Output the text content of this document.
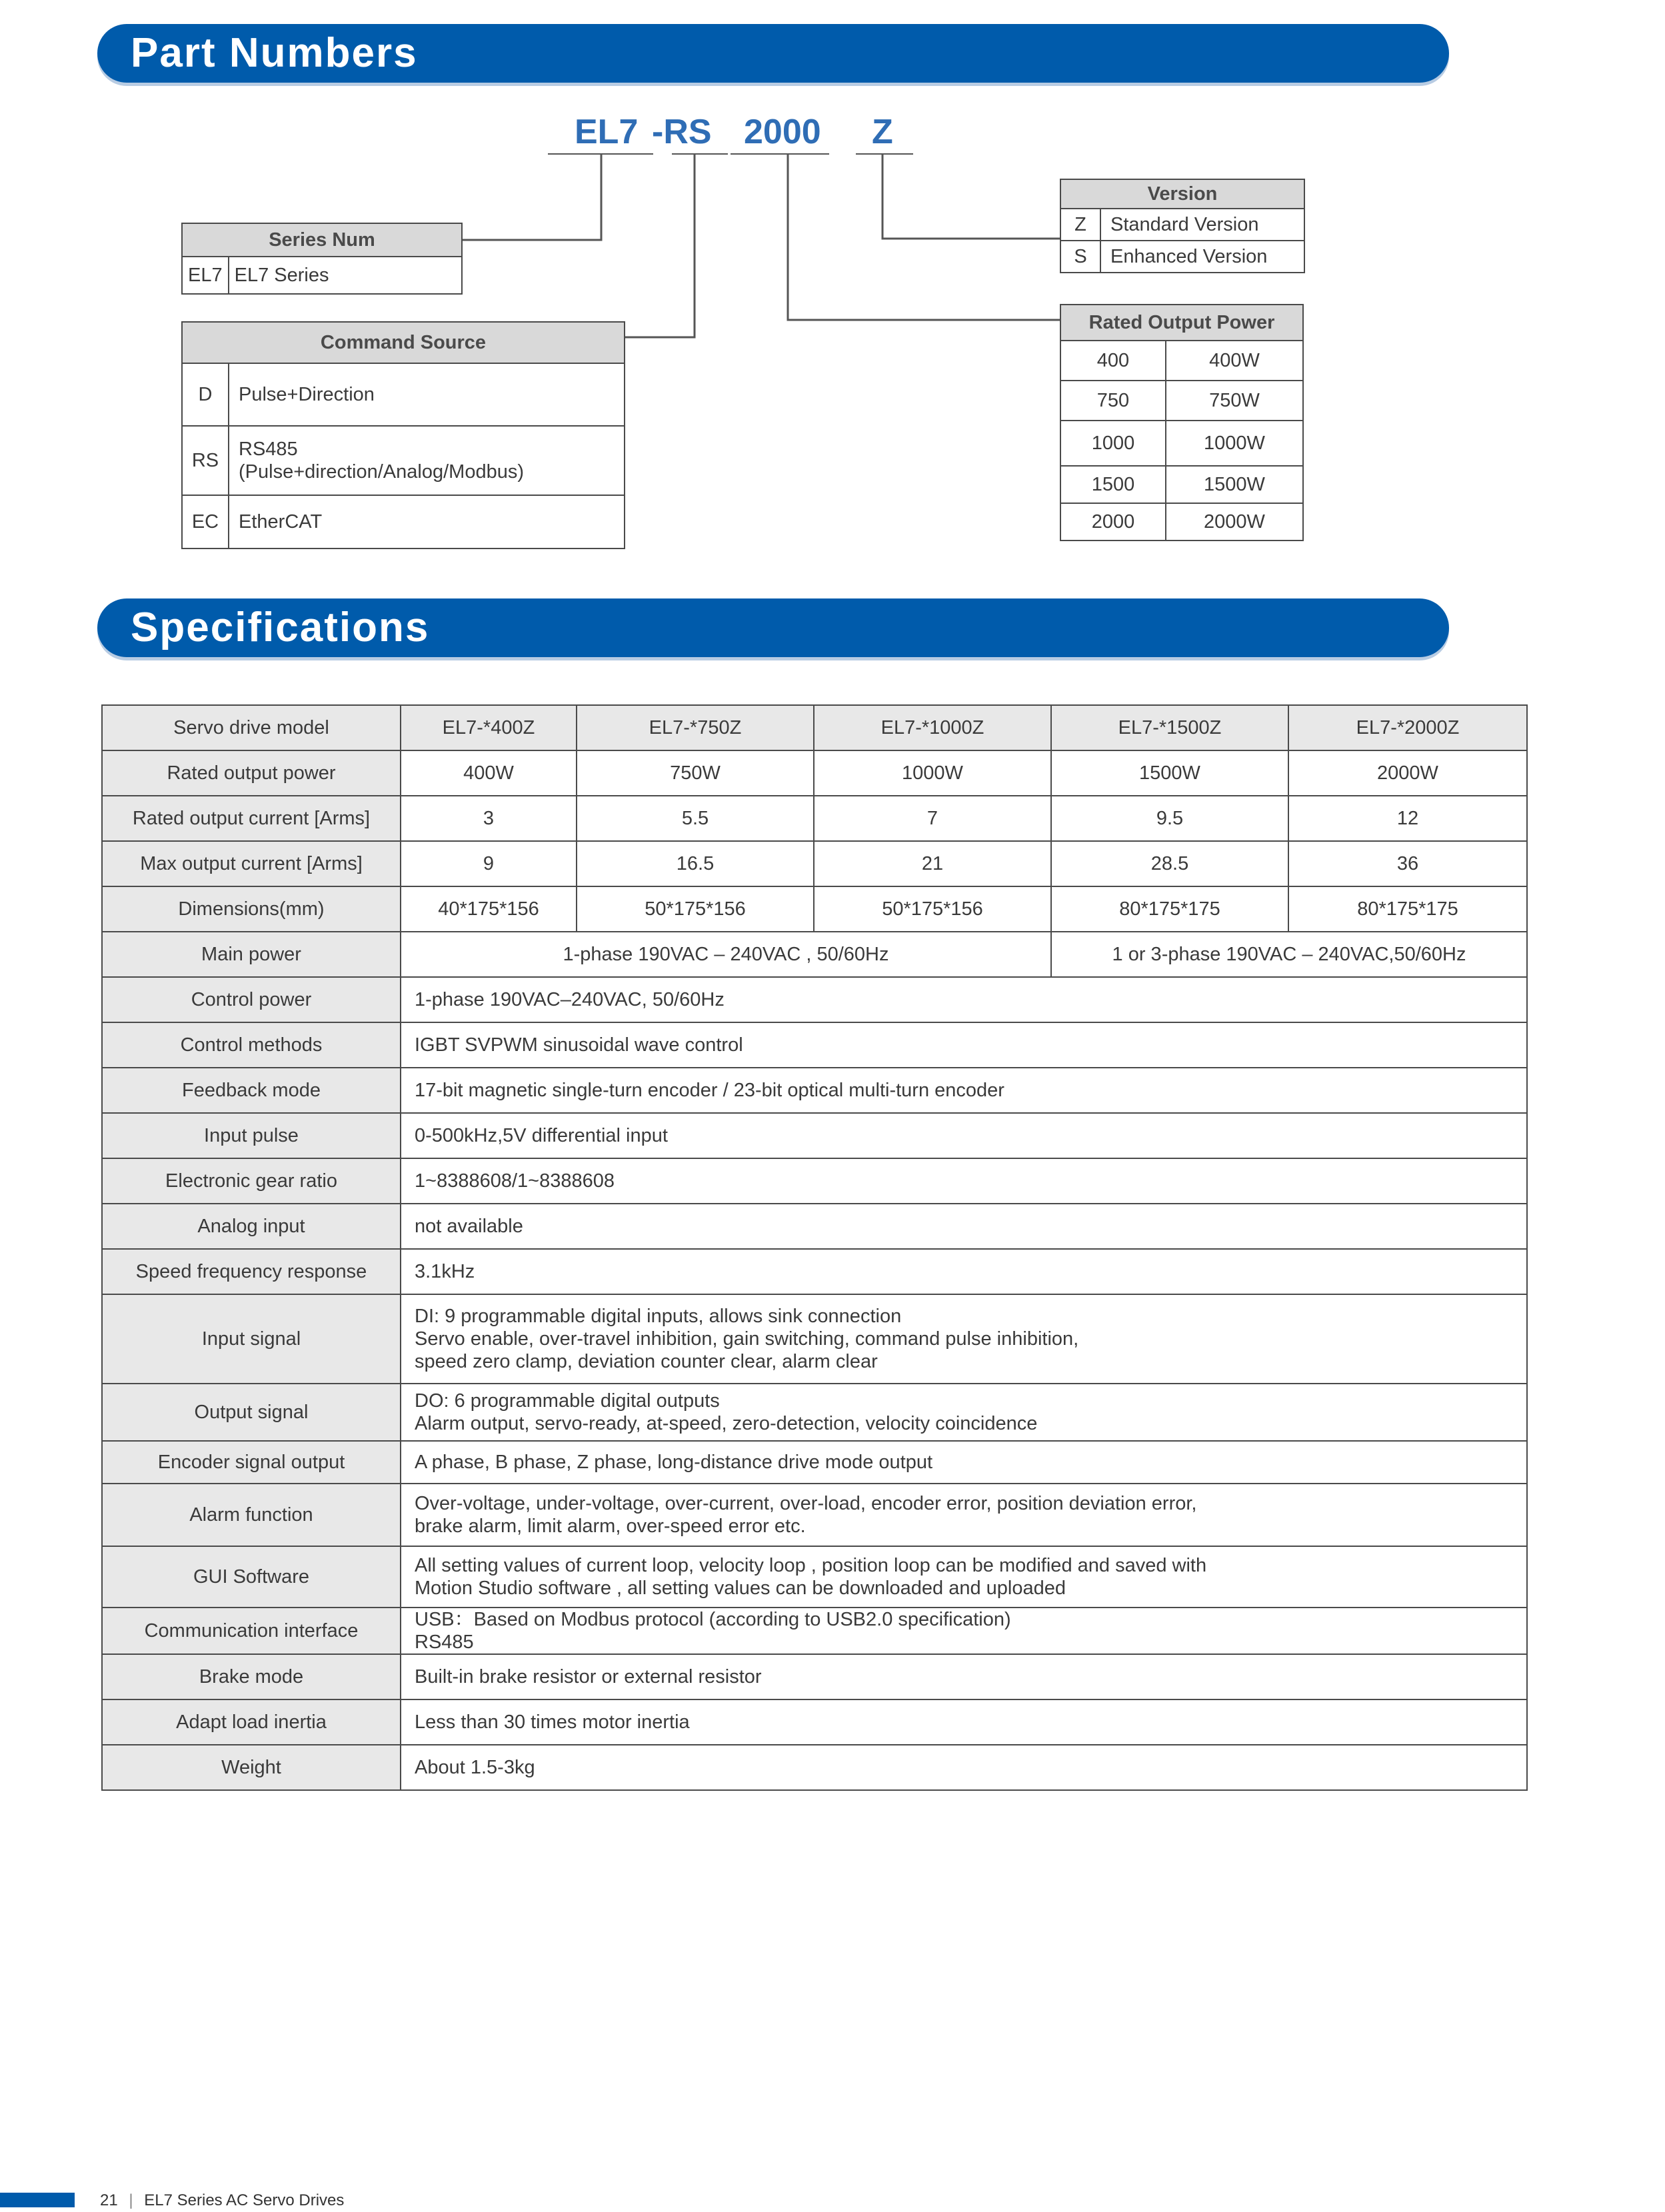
Part Numbers
EL7 -RS 2000 Z
Series Num
EL7	EL7 Series
Command Source	
D	Pulse+Direction
RS	RS485
(Pulse+direction/Analog/Modbus)
EC	EtherCAT
Version	
Z	Standard Version
S	Enhanced Version
Rated Output Power	
400	400W
750	750W
1000	1000W
1500	1500W
2000	2000W
Specifications
Servo drive model	EL7-*400Z	EL7-*750Z	EL7-*1000Z	EL7-*1500Z	EL7-*2000Z
Rated output power	400W	750W	1000W	1500W	2000W
Rated output current [Arms]	3	5.5	7	9.5	12
Max output current [Arms]	9	16.5	21	28.5	36
Dimensions(mm)	40*175*156	50*175*156	50*175*156	80*175*175	80*175*175
Main power	1-phase 190VAC – 240VAC , 50/60Hz			1 or 3-phase 190VAC – 240VAC,50/60Hz	
Control power	1-phase 190VAC–240VAC, 50/60Hz				
Control methods	IGBT SVPWM sinusoidal wave control				
Feedback mode	17-bit magnetic single-turn encoder / 23-bit optical multi-turn encoder				
Input pulse	0-500kHz,5V differential input				
Electronic gear ratio	1~8388608/1~8388608				
Analog input	not available				
Speed frequency response	3.1kHz				
Input signal	DI: 9 programmable digital inputs, allows sink connection
Servo enable, over-travel inhibition, gain switching, command pulse inhibition,
speed zero clamp, deviation counter clear, alarm clear				
Output signal	DO: 6 programmable digital outputs
Alarm output, servo-ready, at-speed, zero-detection, velocity coincidence				
Encoder signal output	A phase, B phase, Z phase, long-distance drive mode output				
Alarm function	Over-voltage, under-voltage, over-current, over-load, encoder error, position deviation error,
brake alarm, limit alarm, over-speed error etc.				
GUI Software	All setting values of current loop, velocity loop , position loop can be modified and saved with
Motion Studio software , all setting values can be downloaded and uploaded				
Communication interface	USB：Based on Modbus protocol (according to USB2.0 specification)
RS485				
Brake mode	Built-in brake resistor or external resistor				
Adapt load inertia	Less than 30 times motor inertia				
Weight	About 1.5-3kg				
21 | EL7 Series AC Servo Drives
